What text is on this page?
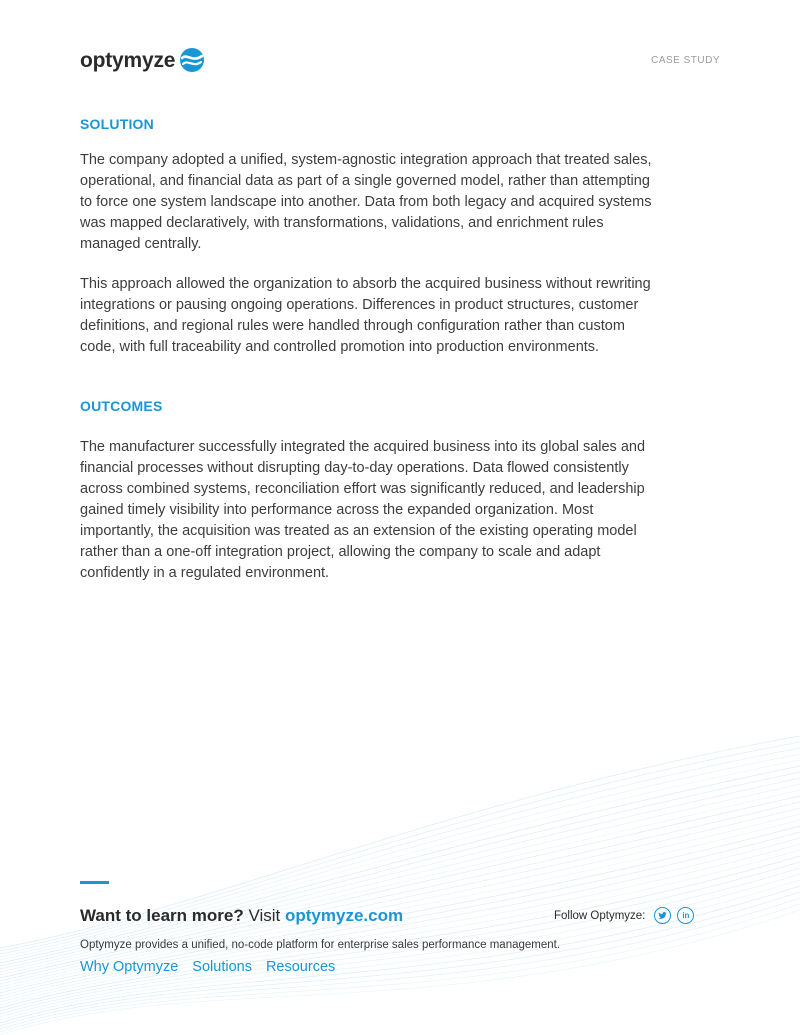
optymyze	CASE STUDY
SOLUTION

The company adopted a unified, system-agnostic integration approach that treated sales, operational, and financial data as part of a single governed model, rather than attempting to force one system landscape into another. Data from both legacy and acquired systems was mapped declaratively, with transformations, validations, and enrichment rules managed centrally.

This approach allowed the organization to absorb the acquired business without rewriting integrations or pausing ongoing operations. Differences in product structures, customer definitions, and regional rules were handled through configuration rather than custom code, with full traceability and controlled promotion into production environments.

OUTCOMES

The manufacturer successfully integrated the acquired business into its global sales and financial processes without disrupting day-to-day operations. Data flowed consistently across combined systems, reconciliation effort was significantly reduced, and leadership gained timely visibility into performance across the expanded organization. Most importantly, the acquisition was treated as an extension of the existing operating model rather than a one-off integration project, allowing the company to scale and adapt confidently in a regulated environment.

Want to learn more? Visit optymyze.com	Follow Optymyze:	in
Optymyze provides a unified, no-code platform for enterprise sales performance management.
Why Optymyze Solutions Resources
